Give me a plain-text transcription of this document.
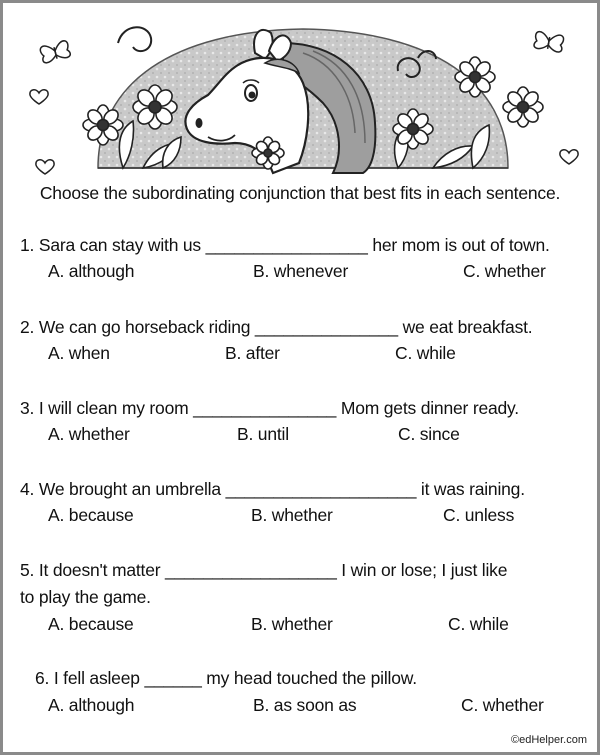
Choose the subordinating conjunction that best fits in each sentence.
1. Sara can stay with us _________________ her mom is out of town.
A. although	B. whenever	C. whether
2. We can go horseback riding _______________ we eat breakfast.
A. when	B. after	C. while
3. I will clean my room _______________ Mom gets dinner ready.
A. whether	B. until	C. since
4. We brought an umbrella ____________________ it was raining.
A. because	B. whether	C. unless
5. It doesn't matter __________________ I win or lose; I just like
to play the game.
A. because	B. whether	C. while
6. I fell asleep ______ my head touched the pillow.
A. although	B. as soon as	C. whether
©edHelper.com
